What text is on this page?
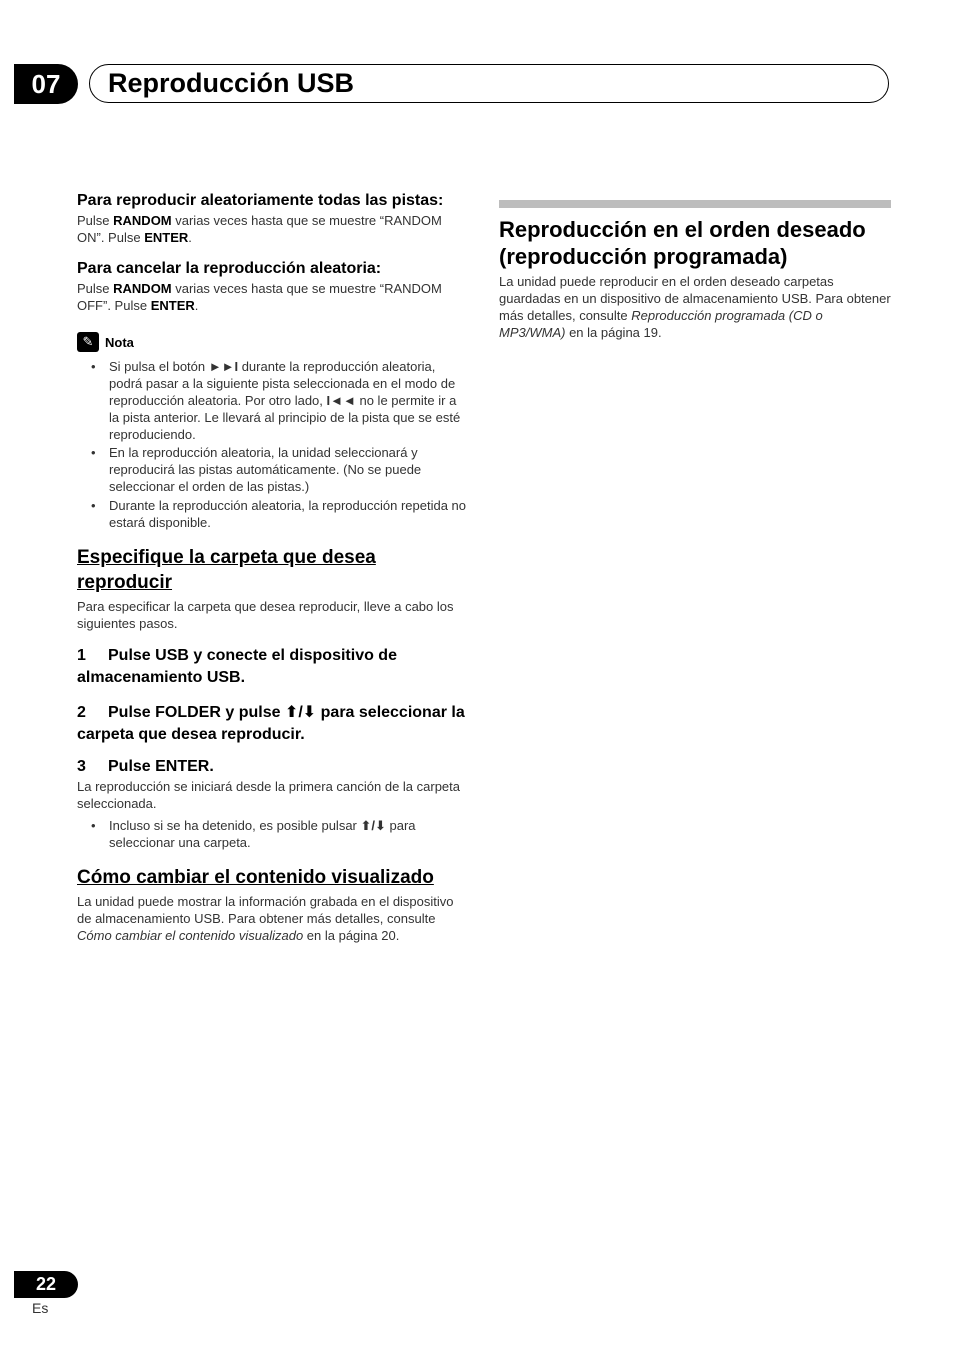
07	Reproducción USB

Para reproducir aleatoriamente todas las pistas:

Pulse RANDOM varias veces hasta que se muestre “RANDOM ON”. Pulse ENTER.

Para cancelar la reproducción aleatoria:

Pulse RANDOM varias veces hasta que se muestre “RANDOM OFF”. Pulse ENTER.

✎ Nota
• Si pulsa el botón ►►I durante la reproducción aleatoria, podrá pasar a la siguiente pista seleccionada en el modo de reproducción aleatoria. Por otro lado, I◄◄ no le permite ir a la pista anterior. Le llevará al principio de la pista que se esté reproduciendo.
• En la reproducción aleatoria, la unidad seleccionará y reproducirá las pistas automáticamente. (No se puede seleccionar el orden de las pistas.)
• Durante la reproducción aleatoria, la reproducción repetida no estará disponible.

Especifique la carpeta que desea reproducir

Para especificar la carpeta que desea reproducir, lleve a cabo los siguientes pasos.

1 Pulse USB y conecte el dispositivo de almacenamiento USB.

2 Pulse FOLDER y pulse ⬆/⬇ para seleccionar la carpeta que desea reproducir.

3 Pulse ENTER.

La reproducción se iniciará desde la primera canción de la carpeta seleccionada.

• Incluso si se ha detenido, es posible pulsar ⬆/⬇ para seleccionar una carpeta.

Cómo cambiar el contenido visualizado

La unidad puede mostrar la información grabada en el dispositivo de almacenamiento USB. Para obtener más detalles, consulte Cómo cambiar el contenido visualizado en la página 20.

Reproducción en el orden deseado (reproducción programada)

La unidad puede reproducir en el orden deseado carpetas guardadas en un dispositivo de almacenamiento USB. Para obtener más detalles, consulte Reproducción programada (CD o MP3/WMA) en la página 19.

22
Es
